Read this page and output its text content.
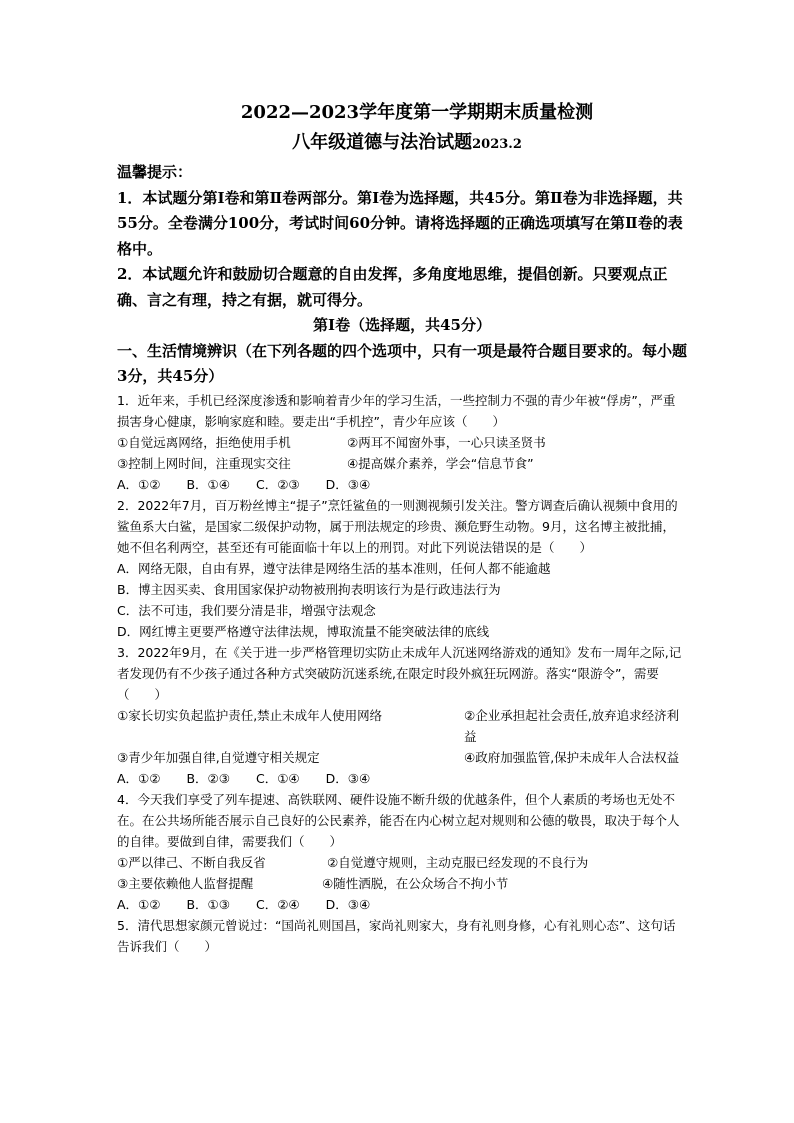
2022—2023学年度第一学期期末质量检测
八年级道德与法治试题2023.2
温馨提示：

1．本试题分第Ⅰ卷和第Ⅱ卷两部分。第Ⅰ卷为选择题，共45分。第Ⅱ卷为非选择题，共55分。全卷满分100分，考试时间60分钟。请将选择题的正确选项填写在第Ⅱ卷的表格中。

2．本试题允许和鼓励切合题意的自由发挥，多角度地思维，提倡创新。只要观点正确、言之有理，持之有据，就可得分。

第Ⅰ卷（选择题，共45分）

一、生活情境辨识（在下列各题的四个选项中，只有一项是最符合题目要求的。每小题3分，共45分）

1．近年来，手机已经深度渗透和影响着青少年的学习生活，一些控制力不强的青少年被“俘虏”，严重损害身心健康，影响家庭和睦。要走出“手机控”，青少年应该（　　）

①自觉远离网络，拒绝使用手机	②两耳不闻窗外事，一心只读圣贤书
③控制上网时间，注重现实交往	④提高媒介素养，学会“信息节食”
A．①② B．①④ C．②③ D．③④

2．2022年7月，百万粉丝博主“提子”烹饪鲨鱼的一则测视频引发关注。警方调查后确认视频中食用的鲨鱼系大白鲨，是国家二级保护动物，属于刑法规定的珍贵、濒危野生动物。9月，这名博主被批捕，她不但名利两空，甚至还有可能面临十年以上的刑罚。对此下列说法错误的是（　　）

A．网络无限，自由有界，遵守法律是网络生活的基本准则，任何人都不能逾越

B．博主因买卖、食用国家保护动物被刑拘表明该行为是行政违法行为

C．法不可违，我们要分清是非，增强守法观念

D．网红博主更要严格遵守法律法规，博取流量不能突破法律的底线

3．2022年9月，在《关于进一步严格管理切实防止未成年人沉迷网络游戏的通知》发布一周年之际,记者发现仍有不少孩子通过各种方式突破防沉迷系统,在限定时段外疯狂玩网游。落实“限游令”，需要（　　）

①家长切实负起监护责任,禁止未成年人使用网络	②企业承担起社会责任,放弃追求经济利益
③青少年加强自律,自觉遵守相关规定	④政府加强监管,保护未成年人合法权益
A．①② B．②③ C．①④ D．③④

4．今天我们享受了列车提速、高铁联网、硬件设施不断升级的优越条件，但个人素质的考场也无处不在。在公共场所能否展示自己良好的公民素养，能否在内心树立起对规则和公德的敬畏，取决于每个人的自律。要做到自律，需要我们（　　）

①严以律己、不断自我反省	②自觉遵守规则，主动克服已经发现的不良行为
③主要依赖他人监督提醒	④随性洒脱，在公众场合不拘小节
A．①② B．①③ C．②④ D．③④

5．清代思想家颜元曾说过：“国尚礼则国昌，家尚礼则家大，身有礼则身修，心有礼则心态”、这句话告诉我们（　　）
